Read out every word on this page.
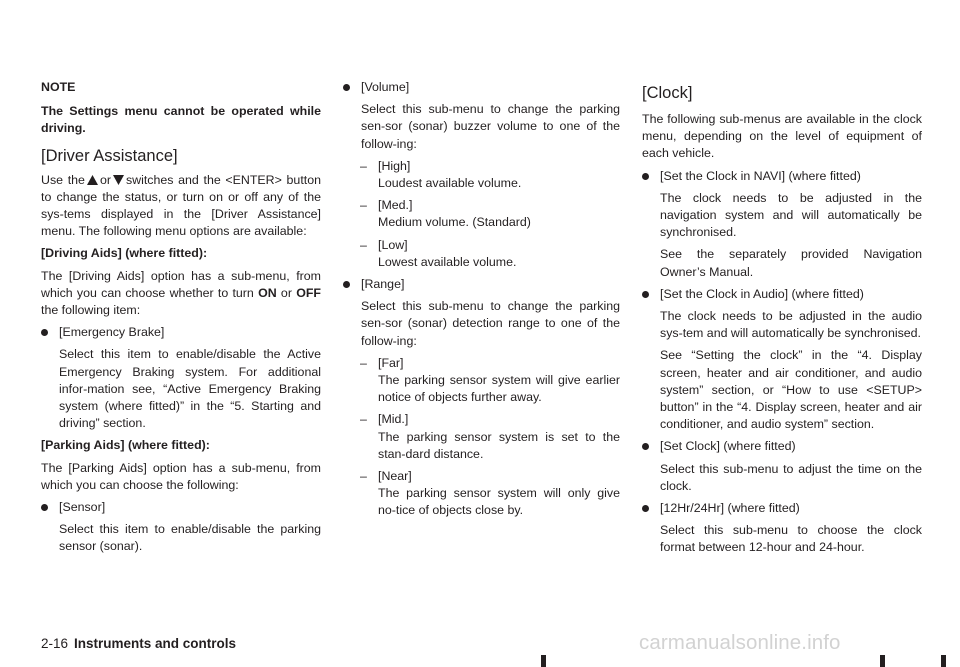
NOTE

The Settings menu cannot be operated while driving.

[Driver Assistance]

Use the or switches and the <ENTER> button to change the status, or turn on or off any of the sys-tems displayed in the [Driver Assistance] menu. The following menu options are available:

[Driving Aids] (where fitted):

The [Driving Aids] option has a sub-menu, from which you can choose whether to turn ON or OFF the following item:

[Emergency Brake]

Select this item to enable/disable the Active Emergency Braking system. For additional infor-mation see, “Active Emergency Braking system (where fitted)” in the “5. Starting and driving” section.

[Parking Aids] (where fitted):

The [Parking Aids] option has a sub-menu, from which you can choose the following:

[Sensor]

Select this item to enable/disable the parking sensor (sonar).

[Volume]

Select this sub-menu to change the parking sen-sor (sonar) buzzer volume to one of the follow-ing:

– [High]
Loudest available volume.
– [Med.]
Medium volume. (Standard)
– [Low]
Lowest available volume.
[Range]

Select this sub-menu to change the parking sen-sor (sonar) detection range to one of the follow-ing:

– [Far]
The parking sensor system will give earlier notice of objects further away.
– [Mid.]
The parking sensor system is set to the stan-dard distance.
– [Near]
The parking sensor system will only give no-tice of objects close by.
[Clock]

The following sub-menus are available in the clock menu, depending on the level of equipment of each vehicle.

[Set the Clock in NAVI] (where fitted)

The clock needs to be adjusted in the navigation system and will automatically be synchronised.

See the separately provided Navigation Owner’s Manual.

[Set the Clock in Audio] (where fitted)

The clock needs to be adjusted in the audio sys-tem and will automatically be synchronised.

See “Setting the clock” in the “4. Display screen, heater and air conditioner, and audio system” section, or “How to use <SETUP> button” in the “4. Display screen, heater and air conditioner, and audio system” section.

[Set Clock] (where fitted)

Select this sub-menu to adjust the time on the clock.

[12Hr/24Hr] (where fitted)

Select this sub-menu to choose the clock format between 12-hour and 24-hour.

2-16 Instruments and controls	carmanualsonline.info
